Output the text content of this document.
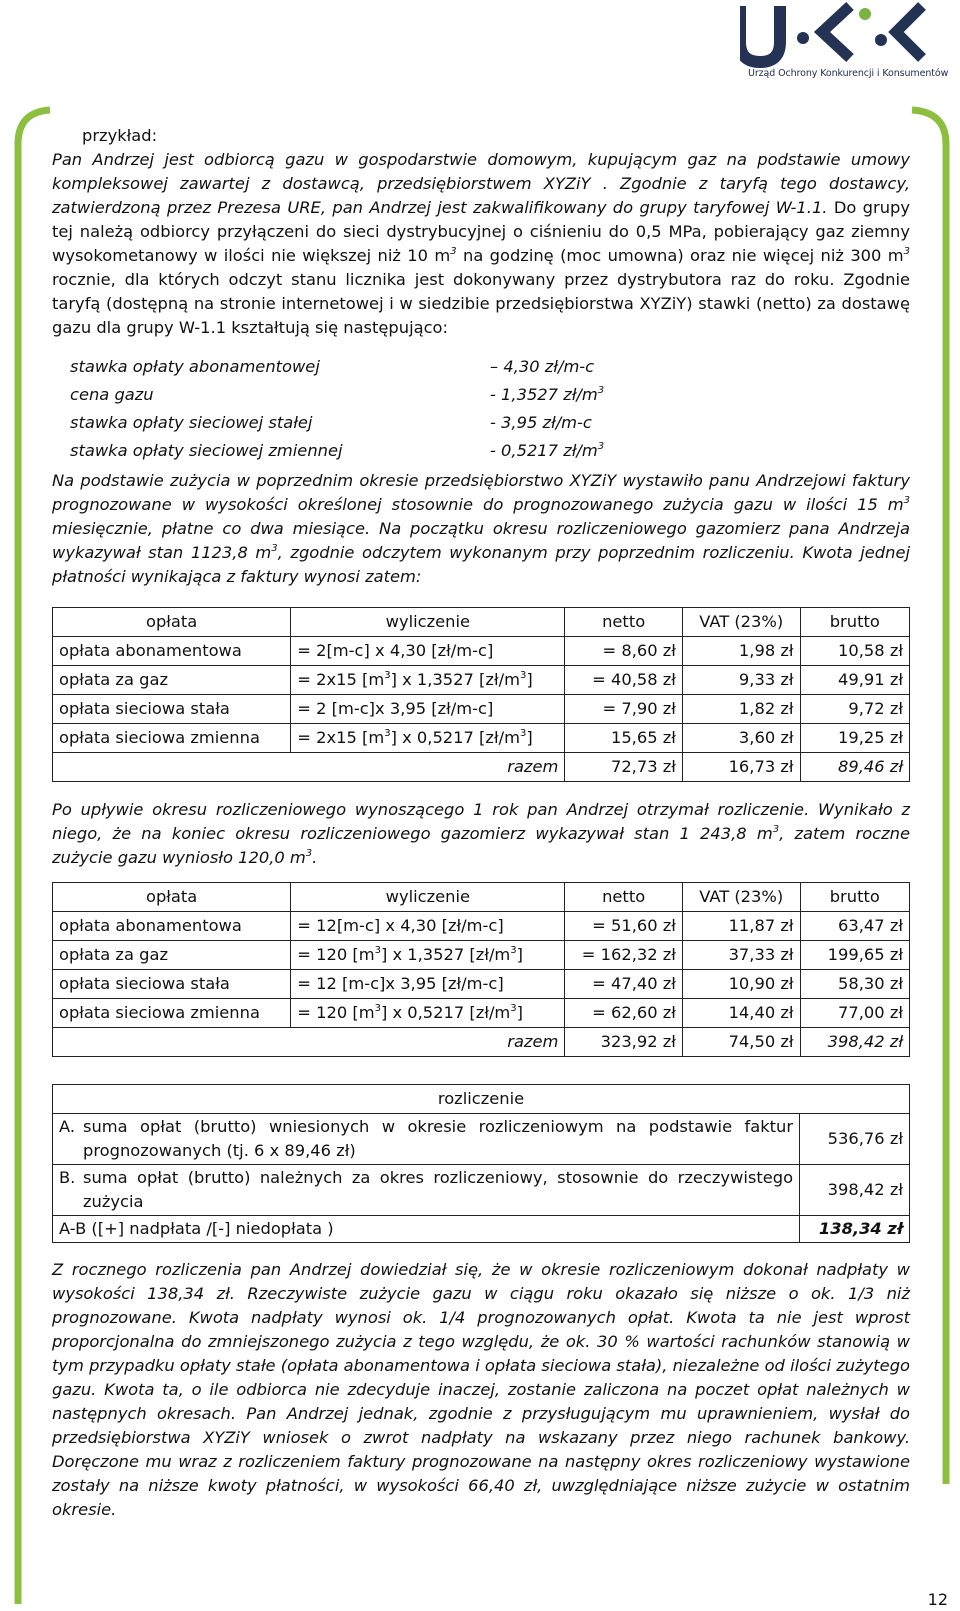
Urząd Ochrony Konkurencji i Konsumentów

przykład:

Pan Andrzej jest odbiorcą gazu w gospodarstwie domowym, kupującym gaz na podstawie umowy kompleksowej zawartej z dostawcą, przedsiębiorstwem XYZiY . Zgodnie z taryfą tego dostawcy, zatwierdzoną przez Prezesa URE, pan Andrzej jest zakwalifikowany do grupy taryfowej W-1.1. Do grupy tej należą odbiorcy przyłączeni do sieci dystrybucyjnej o ciśnieniu do 0,5 MPa, pobierający gaz ziemny wysokometanowy w ilości nie większej niż 10 $m^3$ na godzinę (moc umowna) oraz nie więcej niż 300 $m^3$ rocznie, dla których odczyt stanu licznika jest dokonywany przez dystrybutora raz do roku. Zgodnie taryfą (dostępną na stronie internetowej i w siedzibie przedsiębiorstwa XYZiY) stawki (netto) za dostawę gazu dla grupy W-1.1 kształtują się następująco:

stawka opłaty abonamentowej	– 4,30 zł/m-c
cena gazu	- 1,3527 $zł/m^3$
stawka opłaty sieciowej stałej	- 3,95 zł/m-c
stawka opłaty sieciowej zmiennej	- 0,5217 $zł/m^3$

Na podstawie zużycia w poprzednim okresie przedsiębiorstwo XYZiY wystawiło panu Andrzejowi faktury prognozowane w wysokości określonej stosownie do prognozowanego zużycia gazu w ilości 15 $m^3$ miesięcznie, płatne co dwa miesiące. Na początku okresu rozliczeniowego gazomierz pana Andrzeja wykazywał stan 1123,8 $m^3$, zgodnie odczytem wykonanym przy poprzednim rozliczeniu. Kwota jednej płatności wynikająca z faktury wynosi zatem:

opłata	wyliczenie	netto	VAT (23%)	brutto
opłata abonamentowa	= 2[m-c] x 4,30 [zł/m-c]	= 8,60 zł	1,98 zł	10,58 zł
opłata za gaz	= 2x15 $[m^3]$ x 1,3527 $[zł/m^3]$	= 40,58 zł	9,33 zł	49,91 zł
opłata sieciowa stała	= 2 [m-c]x 3,95 [zł/m-c]	= 7,90 zł	1,82 zł	9,72 zł
opłata sieciowa zmienna	= 2x15 $[m^3]$ x 0,5217 $[zł/m^3]$	15,65 zł	3,60 zł	19,25 zł
	razem	72,73 zł	16,73 zł	89,46 zł

Po upływie okresu rozliczeniowego wynoszącego 1 rok pan Andrzej otrzymał rozliczenie. Wynikało z niego, że na koniec okresu rozliczeniowego gazomierz wykazywał stan 1 243,8 $m^3$, zatem roczne zużycie gazu wyniosło 120,0 $m^3$.

opłata	wyliczenie	netto	VAT (23%)	brutto
opłata abonamentowa	= 12[m-c] x 4,30 [zł/m-c]	= 51,60 zł	11,87 zł	63,47 zł
opłata za gaz	= 120 $[m^3]$ x 1,3527 $[zł/m^3]$	= 162,32 zł	37,33 zł	199,65 zł
opłata sieciowa stała	= 12 [m-c]x 3,95 [zł/m-c]	= 47,40 zł	10,90 zł	58,30 zł
opłata sieciowa zmienna	= 120 $[m^3]$ x 0,5217 $[zł/m^3]$	= 62,60 zł	14,40 zł	77,00 zł
	razem	323,92 zł	74,50 zł	398,42 zł
rozliczenie	

A. suma opłat (brutto) wniesionych w okresie rozliczeniowym na podstawie faktur prognozowanych (tj. 6 x 89,46 zł)	536,76 zł

B. suma opłat (brutto) należnych za okres rozliczeniowy, stosownie do rzeczywistego zużycia	398,42 zł
A-B ([+] nadpłata /[-] niedopłata )	138,34 zł

Z rocznego rozliczenia pan Andrzej dowiedział się, że w okresie rozliczeniowym dokonał nadpłaty w wysokości 138,34 zł. Rzeczywiste zużycie gazu w ciągu roku okazało się niższe o ok. 1/3 niż prognozowane. Kwota nadpłaty wynosi ok. 1/4 prognozowanych opłat. Kwota ta nie jest wprost proporcjonalna do zmniejszonego zużycia z tego względu, że ok. 30 % wartości rachunków stanowią w tym przypadku opłaty stałe (opłata abonamentowa i opłata sieciowa stała), niezależne od ilości zużytego gazu. Kwota ta, o ile odbiorca nie zdecyduje inaczej, zostanie zaliczona na poczet opłat należnych w następnych okresach. Pan Andrzej jednak, zgodnie z przysługującym mu uprawnieniem, wysłał do przedsiębiorstwa XYZiY wniosek o zwrot nadpłaty na wskazany przez niego rachunek bankowy. Doręczone mu wraz z rozliczeniem faktury prognozowane na następny okres rozliczeniowy wystawione zostały na niższe kwoty płatności, w wysokości 66,40 zł, uwzględniające niższe zużycie w ostatnim okresie.

12
